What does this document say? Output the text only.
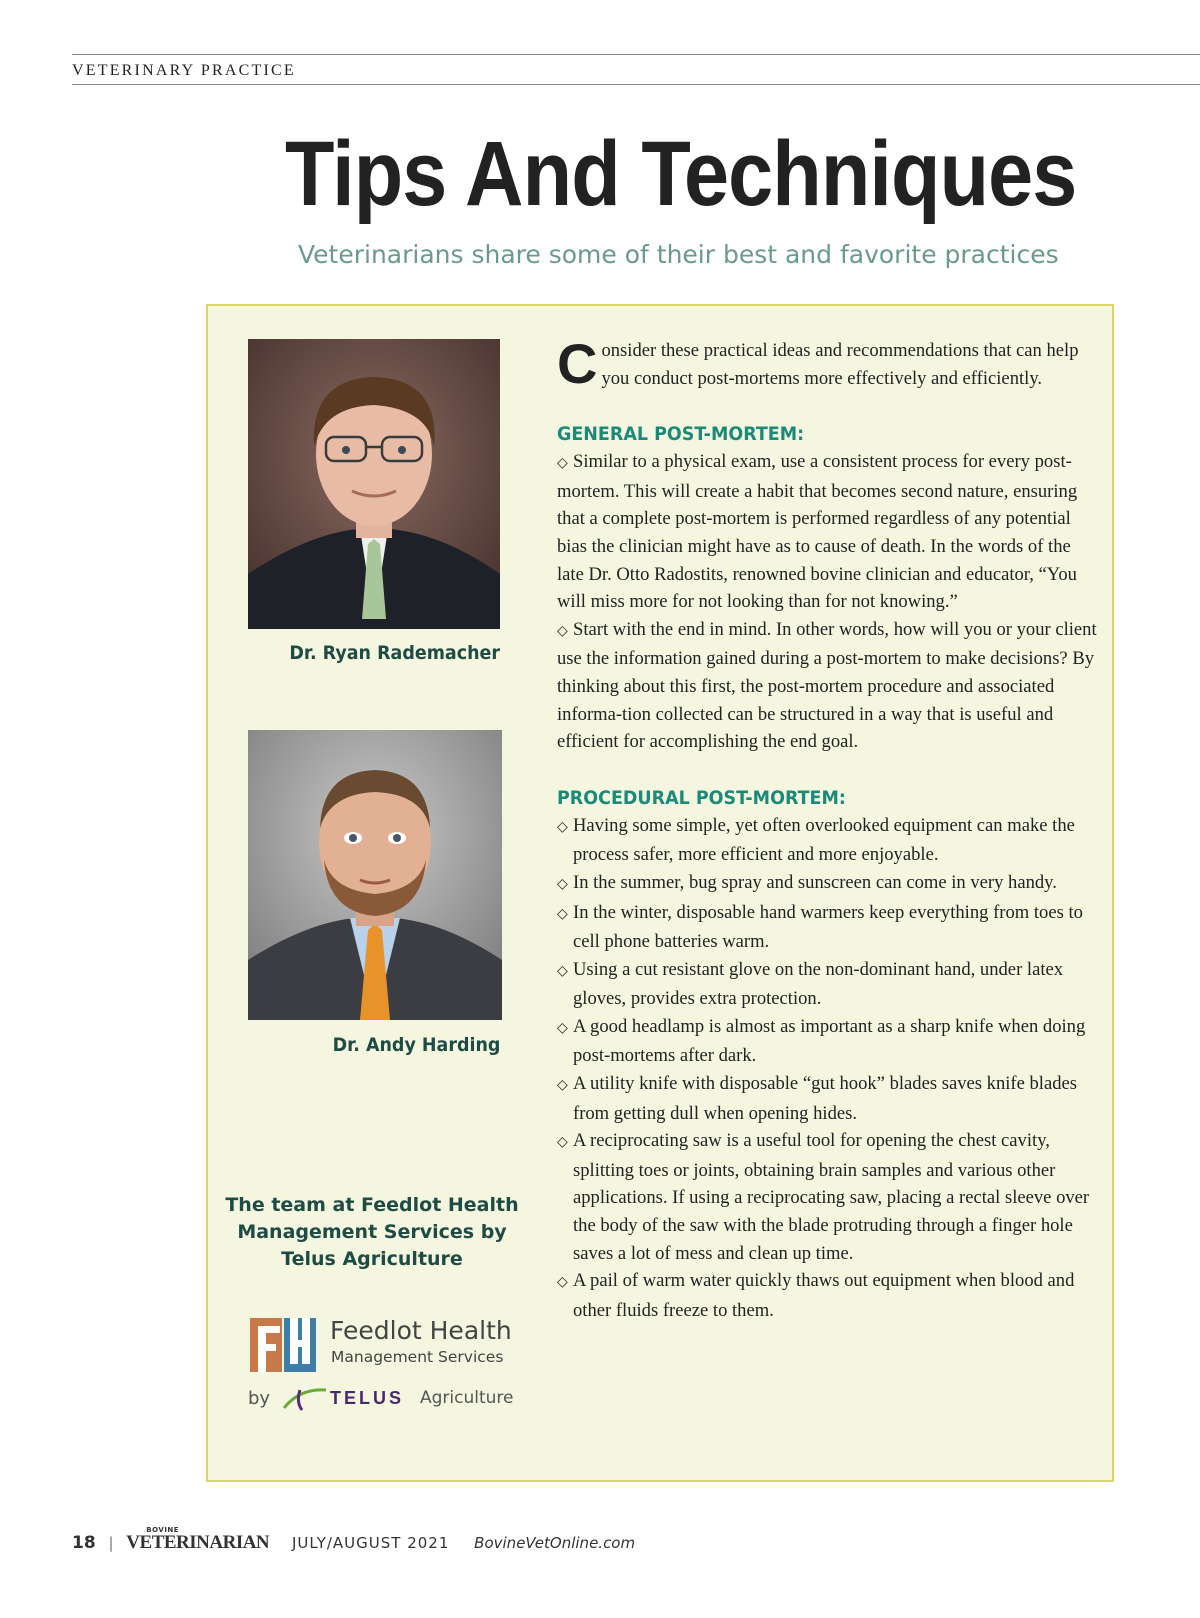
VETERINARY PRACTICE
Tips And Techniques
Veterinarians share some of their best and favorite practices
Dr. Ryan Rademacher
Dr. Andy Harding
The team at Feedlot Health
Management Services by
Telus Agriculture
Feedlot Health
Management Services
by	TELUS Agriculture

Consider these practical ideas and recommendations that can help you conduct post-mortems more effectively and efficiently.

GENERAL POST-MORTEM:

◇ Similar to a physical exam, use a consistent process for every post-mortem. This will create a habit that becomes second nature, ensuring that a complete post-mortem is performed regardless of any potential bias the clinician might have as to cause of death. In the words of the late Dr. Otto Radostits, renowned bovine clinician and educator, “You will miss more for not looking than for not knowing.”

◇ Start with the end in mind. In other words, how will you or your client use the information gained during a post-mortem to make decisions? By thinking about this first, the post-mortem procedure and associated informa-tion collected can be structured in a way that is useful and efficient for accomplishing the end goal.

PROCEDURAL POST-MORTEM:

◇ Having some simple, yet often overlooked equipment can make the process safer, more efficient and more enjoyable.

◇ In the summer, bug spray and sunscreen can come in very handy.

◇ In the winter, disposable hand warmers keep everything from toes to cell phone batteries warm.

◇ Using a cut resistant glove on the non-dominant hand, under latex gloves, provides extra protection.

◇ A good headlamp is almost as important as a sharp knife when doing post-mortems after dark.

◇ A utility knife with disposable “gut hook” blades saves knife blades from getting dull when opening hides.

◇ A reciprocating saw is a useful tool for opening the chest cavity, splitting toes or joints, obtaining brain samples and various other applications. If using a reciprocating saw, placing a rectal sleeve over the body of the saw with the blade protruding through a finger hole saves a lot of mess and clean up time.

◇ A pail of warm water quickly thaws out equipment when blood and other fluids freeze to them.

18 |
BOVINE
VETERINARIAN JULY/AUGUST 2021 BovineVetOnline.com
